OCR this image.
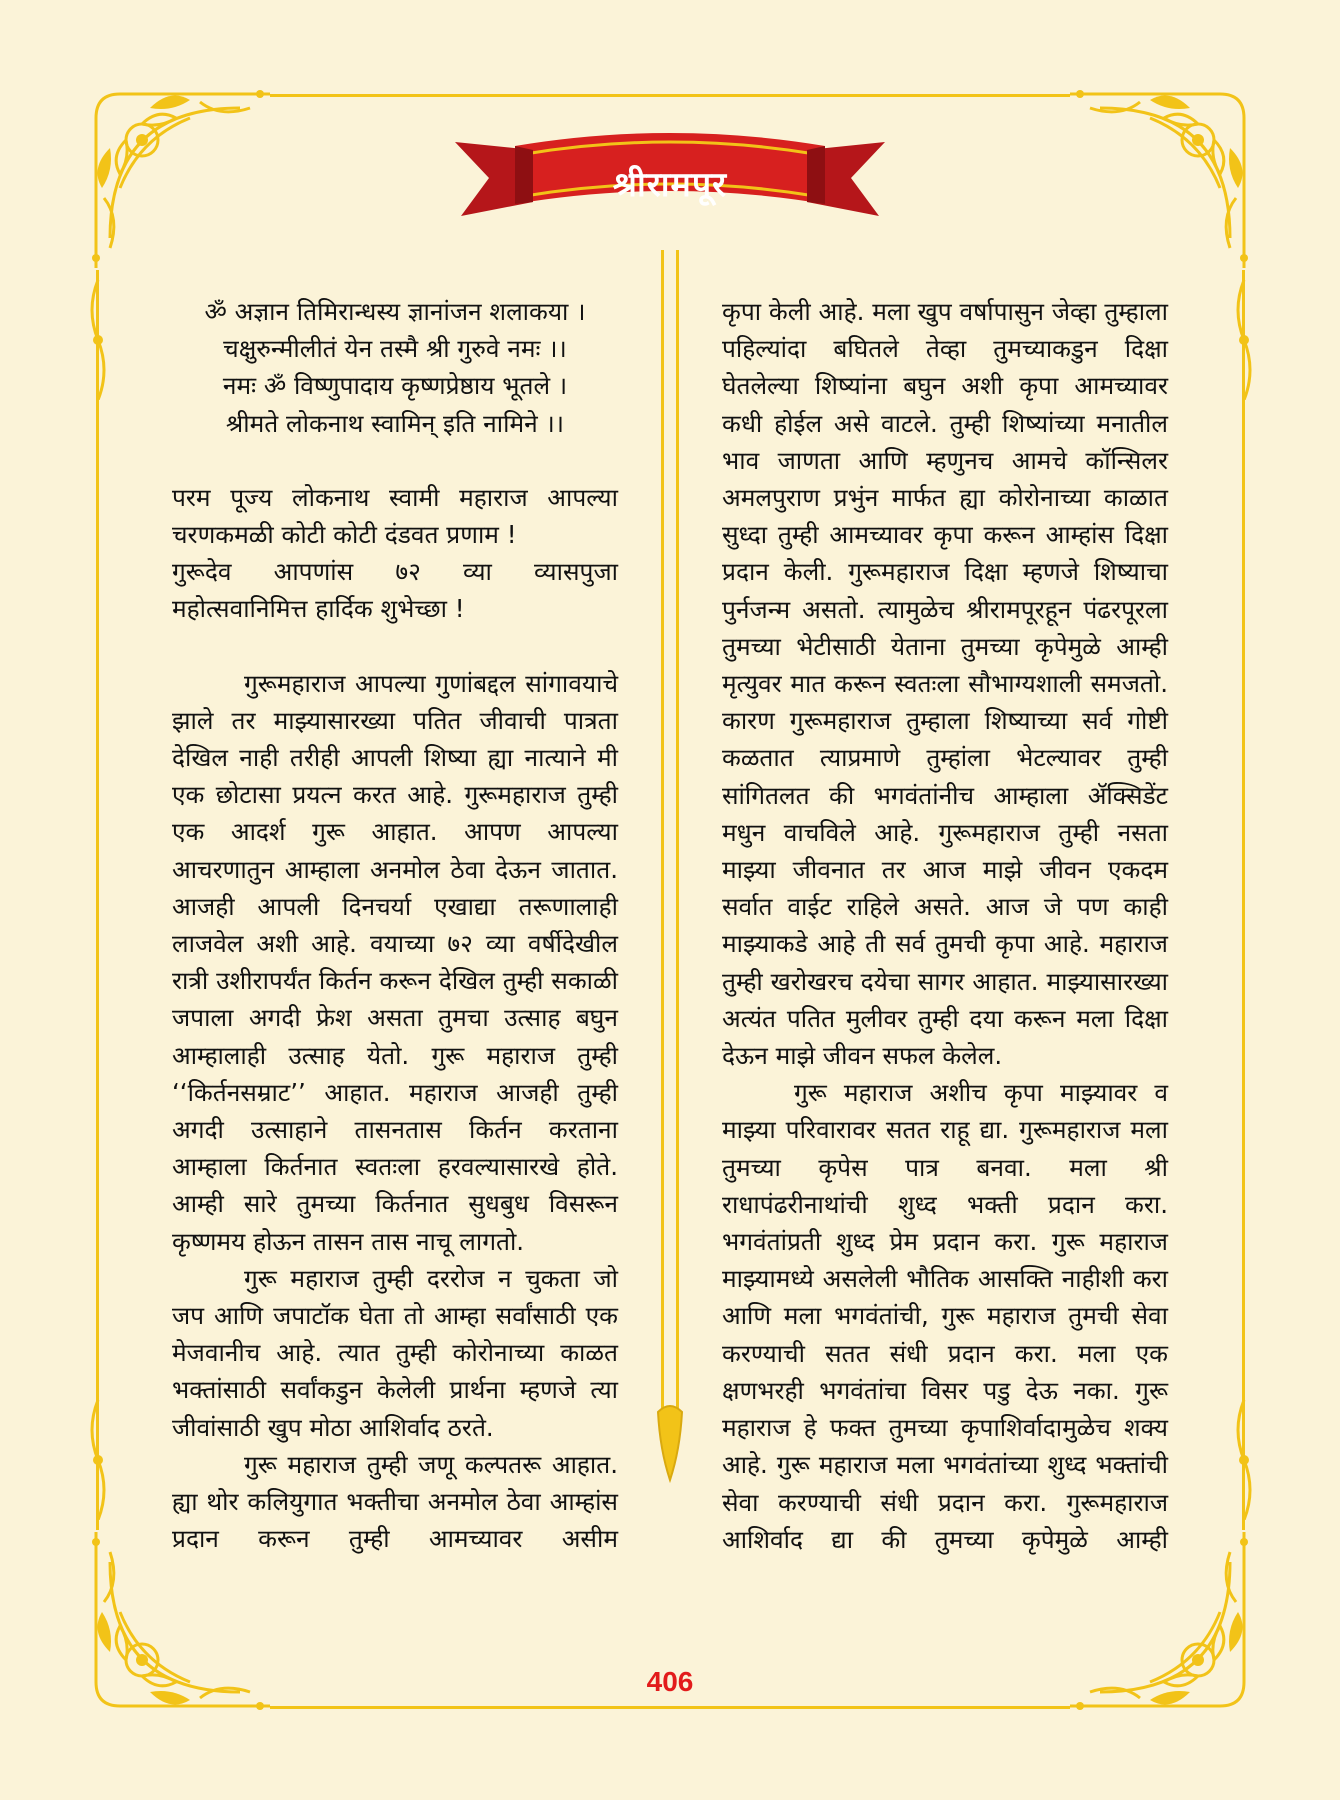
श्रीरामपूर

ॐ अज्ञान तिमिरान्धस्य ज्ञानांजन शलाकया ।
चक्षुरुन्मीलीतं येन तस्मै श्री गुरुवे नमः ।।
नमः ॐ विष्णुपादाय कृष्णप्रेष्ठाय भूतले ।
श्रीमते लोकनाथ स्वामिन् इति नामिने ।।

परम पूज्य लोकनाथ स्वामी महाराज आपल्या चरणकमळी कोटी कोटी दंडवत प्रणाम !

गुरूदेव आपणांस ७२ व्या व्यासपुजा महोत्सवानिमित्त हार्दिक शुभेच्छा !

गुरूमहाराज आपल्या गुणांबद्दल सांगावयाचे झाले तर माझ्यासारख्या पतित जीवाची पात्रता देखिल नाही तरीही आपली शिष्या ह्या नात्याने मी एक छोटासा प्रयत्न करत आहे. गुरूमहाराज तुम्ही एक आदर्श गुरू आहात. आपण आपल्या आचरणातुन आम्हाला अनमोल ठेवा देऊन जातात. आजही आपली दिनचर्या एखाद्या तरूणालाही लाजवेल अशी आहे. वयाच्या ७२ व्या वर्षीदेखील रात्री उशीरापर्यंत किर्तन करून देखिल तुम्ही सकाळी जपाला अगदी फ्रेश असता तुमचा उत्साह बघुन आम्हालाही उत्साह येतो. गुरू महाराज तुम्ही ‘‘किर्तनसम्राट’’ आहात. महाराज आजही तुम्ही अगदी उत्साहाने तासनतास किर्तन करताना आम्हाला किर्तनात स्वतःला हरवल्यासारखे होते. आम्ही सारे तुमच्या किर्तनात सुधबुध विसरून कृष्णमय होऊन तासन तास नाचू लागतो.

गुरू महाराज तुम्ही दररोज न चुकता जो जप आणि जपाटॉक घेता तो आम्हा सर्वांसाठी एक मेजवानीच आहे. त्यात तुम्ही कोरोनाच्या काळत भक्तांसाठी सर्वांकडुन केलेली प्रार्थना म्हणजे त्या जीवांसाठी खुप मोठा आशिर्वाद ठरते.

गुरू महाराज तुम्ही जणू कल्पतरू आहात. ह्या थोर कलियुगात भक्तीचा अनमोल ठेवा आम्हांस प्रदान करून तुम्ही आमच्यावर असीम

कृपा केली आहे. मला खुप वर्षापासुन जेव्हा तुम्हाला पहिल्यांदा बघितले तेव्हा तुमच्याकडुन दिक्षा घेतलेल्या शिष्यांना बघुन अशी कृपा आमच्यावर कधी होईल असे वाटले. तुम्ही शिष्यांच्या मनातील भाव जाणता आणि म्हणुनच आमचे कॉन्सिलर अमलपुराण प्रभुंन मार्फत ह्या कोरोनाच्या काळात सुध्दा तुम्ही आमच्यावर कृपा करून आम्हांस दिक्षा प्रदान केली. गुरूमहाराज दिक्षा म्हणजे शिष्याचा पुर्नजन्म असतो. त्यामुळेच श्रीरामपूरहून पंढरपूरला तुमच्या भेटीसाठी येताना तुमच्या कृपेमुळे आम्ही मृत्युवर मात करून स्वतःला सौभाग्यशाली समजतो. कारण गुरूमहाराज तुम्हाला शिष्याच्या सर्व गोष्टी कळतात त्याप्रमाणे तुम्हांला भेटल्यावर तुम्ही सांगितलत की भगवंतांनीच आम्हाला ॲक्सिडेंट मधुन वाचविले आहे. गुरूमहाराज तुम्ही नसता माझ्या जीवनात तर आज माझे जीवन एकदम सर्वात वाईट राहिले असते. आज जे पण काही माझ्याकडे आहे ती सर्व तुमची कृपा आहे. महाराज तुम्ही खरोखरच दयेचा सागर आहात. माझ्यासारख्या अत्यंत पतित मुलीवर तुम्ही दया करून मला दिक्षा देऊन माझे जीवन सफल केलेल.

गुरू महाराज अशीच कृपा माझ्यावर व माझ्या परिवारावर सतत राहू द्या. गुरूमहाराज मला तुमच्या कृपेस पात्र बनवा. मला श्री राधापंढरीनाथांची शुध्द भक्ती प्रदान करा. भगवंतांप्रती शुध्द प्रेम प्रदान करा. गुरू महाराज माझ्यामध्ये असलेली भौतिक आसक्ति नाहीशी करा आणि मला भगवंतांची, गुरू महाराज तुमची सेवा करण्याची सतत संधी प्रदान करा. मला एक क्षणभरही भगवंतांचा विसर पडु देऊ नका. गुरू महाराज हे फक्त तुमच्या कृपाशिर्वादामुळेच शक्य आहे. गुरू महाराज मला भगवंतांच्या शुध्द भक्तांची सेवा करण्याची संधी प्रदान करा. गुरूमहाराज आशिर्वाद द्या की तुमच्या कृपेमुळे आम्ही

406
